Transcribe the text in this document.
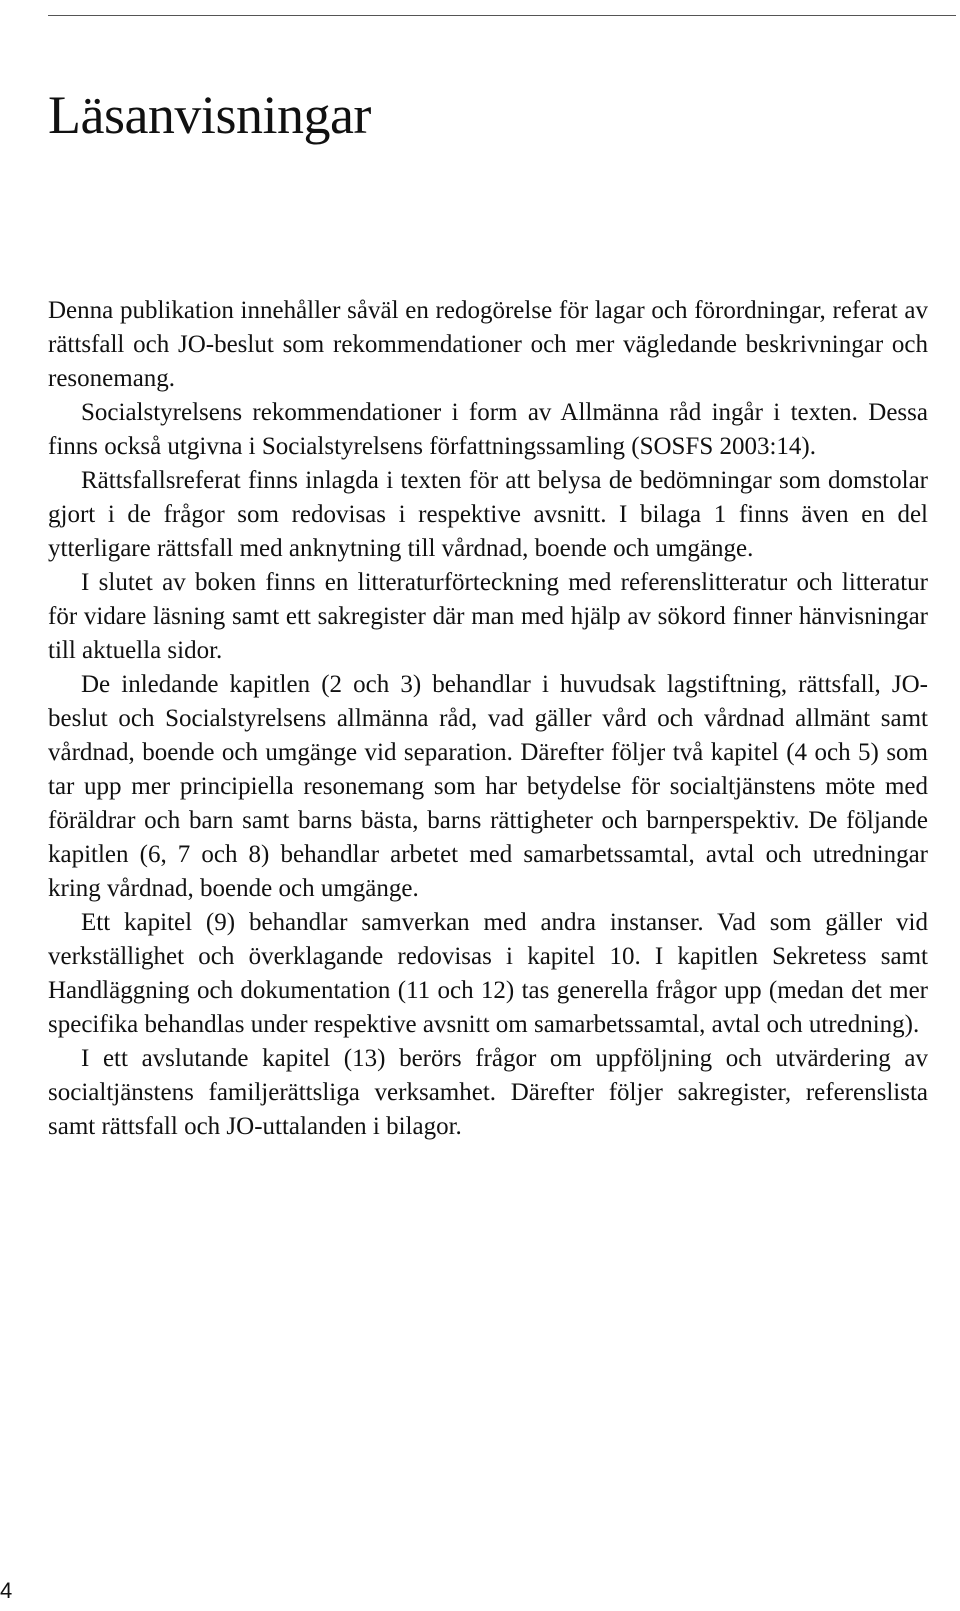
Läsanvisningar

Denna publikation innehåller såväl en redogörelse för lagar och förordningar, referat av rättsfall och JO-beslut som rekommendationer och mer vägledande beskrivningar och resonemang.

Socialstyrelsens rekommendationer i form av Allmänna råd ingår i texten. Dessa finns också utgivna i Socialstyrelsens författningssamling (SOSFS 2003:14).

Rättsfallsreferat finns inlagda i texten för att belysa de bedömningar som domstolar gjort i de frågor som redovisas i respektive avsnitt. I bilaga 1 finns även en del ytterligare rättsfall med anknytning till vårdnad, boende och umgänge.

I slutet av boken finns en litteraturförteckning med referenslitteratur och litteratur för vidare läsning samt ett sakregister där man med hjälp av sökord finner hänvisningar till aktuella sidor.

De inledande kapitlen (2 och 3) behandlar i huvudsak lagstiftning, rättsfall, JO-beslut och Socialstyrelsens allmänna råd, vad gäller vård och vårdnad allmänt samt vårdnad, boende och umgänge vid separation. Därefter följer två kapitel (4 och 5) som tar upp mer principiella resonemang som har betydelse för socialtjänstens möte med föräldrar och barn samt barns bästa, barns rättigheter och barnperspektiv. De följande kapitlen (6, 7 och 8) behandlar arbetet med samarbetssamtal, avtal och utredningar kring vårdnad, boende och umgänge.

Ett kapitel (9) behandlar samverkan med andra instanser. Vad som gäller vid verkställighet och överklagande redovisas i kapitel 10. I kapitlen Sekretess samt Handläggning och dokumentation (11 och 12) tas generella frågor upp (medan det mer specifika behandlas under respektive avsnitt om samarbetssamtal, avtal och utredning).

I ett avslutande kapitel (13) berörs frågor om uppföljning och utvärdering av socialtjänstens familjerättsliga verksamhet. Därefter följer sakregister, referenslista samt rättsfall och JO-uttalanden i bilagor.

4
